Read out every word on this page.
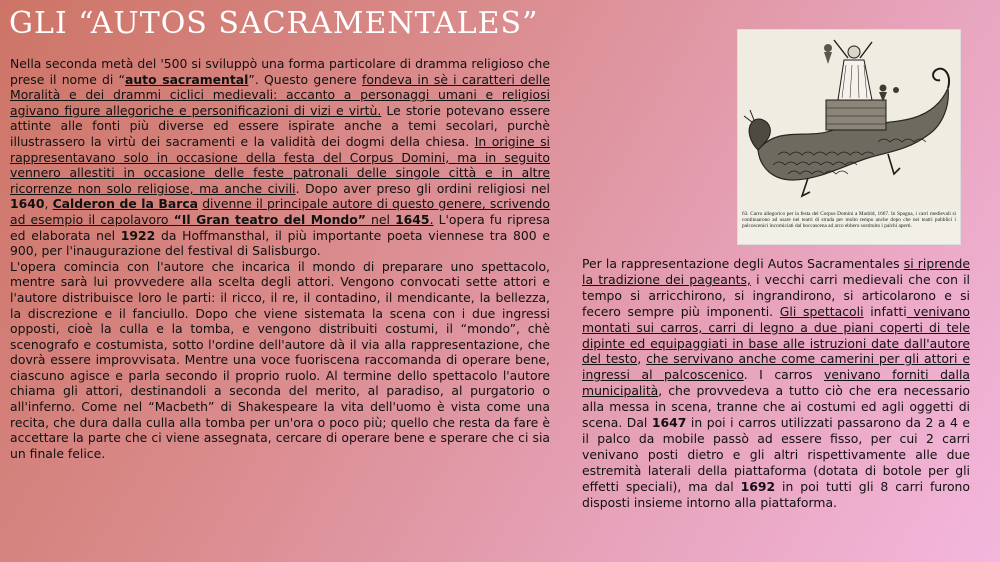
GLI “AUTOS SACRAMENTALES”

Nella seconda metà del '500 si sviluppò una forma particolare di dramma religioso che prese il nome di “auto sacramental”. Questo genere fondeva in sè i caratteri delle Moralità e dei drammi ciclici medievali: accanto a personaggi umani e religiosi agivano figure allegoriche e personificazioni di vizi e virtù. Le storie potevano essere attinte alle fonti più diverse ed essere ispirate anche a temi secolari, purchè illustrassero la virtù dei sacramenti e la validità dei dogmi della chiesa. In origine si rappresentavano solo in occasione della festa del Corpus Domini, ma in seguito vennero allestiti in occasione delle feste patronali delle singole città e in altre ricorrenze non solo religiose, ma anche civili. Dopo aver preso gli ordini religiosi nel 1640, Calderon de la Barca divenne il principale autore di questo genere, scrivendo ad esempio il capolavoro “Il Gran teatro del Mondo” nel 1645. L'opera fu ripresa ed elaborata nel 1922 da Hoffmansthal, il più importante poeta viennese tra 800 e 900, per l'inaugurazione del festival di Salisburgo.

L'opera comincia con l'autore che incarica il mondo di preparare uno spettacolo, mentre sarà lui provvedere alla scelta degli attori. Vengono convocati sette attori e l'autore distribuisce loro le parti: il ricco, il re, il contadino, il mendicante, la bellezza, la discrezione e il fanciullo. Dopo che viene sistemata la scena con i due ingressi opposti, cioè la culla e la tomba, e vengono distribuiti costumi, il “mondo”, chè scenografo e costumista, sotto l'ordine dell'autore dà il via alla rappresentazione, che dovrà essere improvvisata. Mentre una voce fuoriscena raccomanda di operare bene, ciascuno agisce e parla secondo il proprio ruolo. Al termine dello spettacolo l'autore chiama gli attori, destinandoli a seconda del merito, al paradiso, al purgatorio o all'inferno. Come nel “Macbeth” di Shakespeare la vita dell'uomo è vista come una recita, che dura dalla culla alla tomba per un'ora o poco più; quello che resta da fare è accettare la parte che ci viene assegnata, cercare di operare bene e sperare che ci sia un finale felice.

63. Carro allegorico per la festa del Corpus Domini a Madrid, 1667. In Spagna, i carri medievali si continuarono ad usare nei teatri di strada per molto tempo anche dopo che nei teatri pubblici i palcoscenici incorniciati dal boccascena ad arco ebbero sostituito i palchi aperti.

Per la rappresentazione degli Autos Sacramentales si riprende la tradizione dei pageants, i vecchi carri medievali che con il tempo si arricchirono, si ingrandirono, si articolarono e si fecero sempre più imponenti. Gli spettacoli infatti venivano montati sui carros, carri di legno a due piani coperti di tele dipinte ed equipaggiati in base alle istruzioni date dall'autore del testo, che servivano anche come camerini per gli attori e ingressi al palcoscenico. I carros venivano forniti dalla municipalità, che provvedeva a tutto ciò che era necessario alla messa in scena, tranne che ai costumi ed agli oggetti di scena. Dal 1647 in poi i carros utilizzati passarono da 2 a 4 e il palco da mobile passò ad essere fisso, per cui 2 carri venivano posti dietro e gli altri rispettivamente alle due estremità laterali della piattaforma (dotata di botole per gli effetti speciali), ma dal 1692 in poi tutti gli 8 carri furono disposti insieme intorno alla piattaforma.
